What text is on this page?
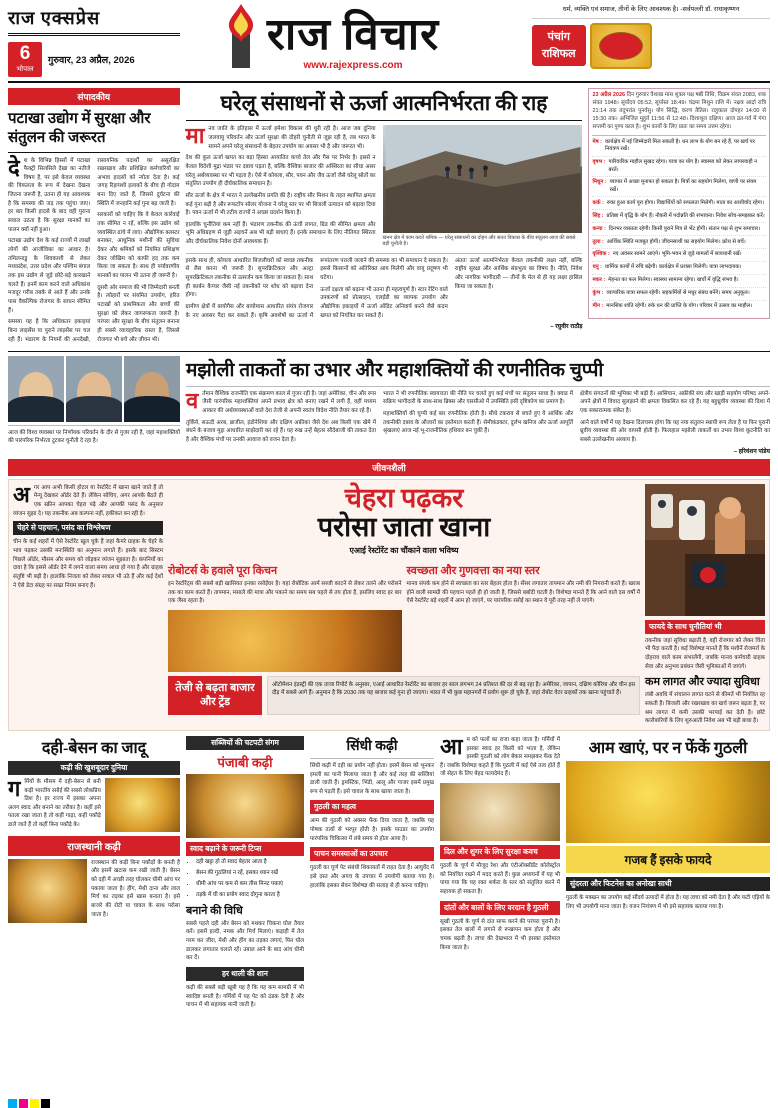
राज एक्सप्रेस
6
भोपाल
गुरुवार, 23 अप्रैल, 2026
राज विचार
www.rajexpress.com
धर्म, व्यक्ति एवं समाज, तीनों के लिए आवश्यक है। -सर्वपल्ली डॉ. राधाकृष्णन
पंचांग
राशिफल
संपादकीय
पटाखा उद्योग में सुरक्षा और संतुलन की जरूरत

देश के विभिन्न हिस्सों में पटाखा फैक्ट्री सिलसिले देखा का नतीजे विषय है, पर इसे केवल व्यवस्था की विफलता के रूप में देखना देखना जितना जरूरी है, उतना ही यह आवश्यक है कि समस्या की जड़ तक पहुंचा जाए। हर बार किसी हादसे के बाद वही पुराना सवाल उठता है कि सुरक्षा मानकों का पालन क्यों नहीं हुआ।

पटाखा उद्योग देश के कई राज्यों में लाखों लोगों की आजीविका का आधार है। तमिलनाडु के शिवकाशी से लेकर मध्यप्रदेश, उत्तर प्रदेश और पश्चिम बंगाल तक इस उद्योग से जुड़े छोटे-बड़े कारखाने चलते हैं। इनमें काम करने वाले अधिकांश मजदूर गरीब तबके से आते हैं और उनके पास वैकल्पिक रोजगार के साधन सीमित हैं।

समस्या यह है कि अधिकतर इकाइयां बिना लाइसेंस या पुराने लाइसेंस पर चल रही हैं। भंडारण के नियमों की अनदेखी, रासायनिक पदार्थों का असुरक्षित रखरखाव और प्रशिक्षित कर्मचारियों का अभाव हादसों को न्योता देता है। कई जगह रिहायशी इलाकों के बीच ही गोदाम बना दिए जाते हैं, जिससे दुर्घटना की स्थिति में जनहानि कई गुना बढ़ जाती है।

सरकारों को चाहिए कि वे केवल कार्रवाई तक सीमित न रहें, बल्कि इस उद्योग को व्यवस्थित ढांचे में लाएं। औद्योगिक क्लस्टर बनाकर, आधुनिक मशीनों की सुविधा देकर और श्रमिकों को नियमित प्रशिक्षण देकर जोखिम को काफी हद तक कम किया जा सकता है। साथ ही पर्यावरणीय मानकों का पालन भी उतना ही जरूरी है।

दूसरी ओर समाज की भी जिम्मेदारी बनती है। त्योहारों पर संयमित उपयोग, हरित पटाखों को प्राथमिकता और बच्चों की सुरक्षा को लेकर जागरूकता जरूरी है। परंपरा और सुरक्षा के बीच संतुलन बनाना ही सबसे व्यावहारिक रास्ता है, जिससे रोजगार भी बचे और जीवन भी।

घरेलू संसाधनों से ऊर्जा आत्मनिर्भरता की राह

मानव जाति के इतिहास में ऊर्जा हमेशा विकास की धुरी रही है। आज जब दुनिया जलवायु परिवर्तन और ऊर्जा सुरक्षा की दोहरी चुनौती से जूझ रही है, तब भारत के सामने अपने घरेलू संसाधनों के बेहतर उपयोग का अवसर भी है और जरूरत भी।

देश की कुल ऊर्जा खपत का बड़ा हिस्सा आयातित कच्चे तेल और गैस पर निर्भर है। इससे न केवल विदेशी मुद्रा भंडार पर दबाव पड़ता है, बल्कि वैश्विक बाजार की अस्थिरता का सीधा असर घरेलू अर्थव्यवस्था पर भी पड़ता है। ऐसे में कोयला, सौर, पवन और जैव ऊर्जा जैसे घरेलू स्रोतों का संतुलित उपयोग ही दीर्घकालिक समाधान है।

सौर ऊर्जा के क्षेत्र में भारत ने उल्लेखनीय प्रगति की है। राष्ट्रीय सौर मिशन के तहत स्थापित क्षमता कई गुना बढ़ी है और रूफटॉप सोलर योजना ने घरेलू स्तर पर भी बिजली उत्पादन को बढ़ावा दिया है। पवन ऊर्जा में भी तटीय राज्यों ने अच्छा प्रदर्शन किया है।

हालांकि चुनौतियां कम नहीं हैं। भंडारण तकनीक की ऊंची लागत, ग्रिड की सीमित क्षमता और भूमि अधिग्रहण से जुड़ी अड़चनें अब भी बड़ी बाधाएं हैं। इनके समाधान के लिए नीतिगत स्थिरता और दीर्घकालिक निवेश दोनों आवश्यक हैं।

खनन क्षेत्र में काम करते श्रमिक — घरेलू संसाधनों का दोहन और सतत विकास के बीच संतुलन आज की सबसे बड़ी चुनौती है।

इसके साथ ही, कोयला आधारित बिजलीघरों को स्वच्छ तकनीक से लैस करना भी जरूरी है। सुपरक्रिटिकल और अल्ट्रा सुपरक्रिटिकल तकनीक से उत्सर्जन कम किया जा सकता है। साथ ही कार्बन कैप्चर जैसी नई तकनीकों पर शोध को बढ़ावा देना होगा।

ग्रामीण क्षेत्रों में बायोगैस और बायोमास आधारित संयंत्र रोजगार के नए अवसर पैदा कर सकते हैं। कृषि अवशेषों का ऊर्जा में रूपांतरण पराली जलाने की समस्या का भी समाधान दे सकता है। इससे किसानों को अतिरिक्त आय मिलेगी और वायु प्रदूषण भी घटेगा।

ऊर्जा दक्षता को बढ़ाना भी उतना ही महत्वपूर्ण है। स्टार रेटिंग वाले उपकरणों को प्रोत्साहन, एलईडी का व्यापक उपयोग और औद्योगिक इकाइयों में ऊर्जा ऑडिट अनिवार्य करने जैसे कदम खपत को नियंत्रित कर सकते हैं।

अंततः ऊर्जा आत्मनिर्भरता केवल तकनीकी लक्ष्य नहीं, बल्कि राष्ट्रीय सुरक्षा और आर्थिक संप्रभुता का विषय है। नीति, निवेश और नागरिक भागीदारी — तीनों के मेल से ही यह लक्ष्य हासिल किया जा सकता है।

– रघुवीर राठौड़
23 अप्रैल 2026 दिन गुरुवार वैशाख मास शुक्ल पक्ष षष्ठी तिथि, विक्रम संवत 2083, शक संवत 1948। सूर्योदय 05:52, सूर्यास्त 18:49। चंद्रमा मिथुन राशि में। नक्षत्र आर्द्रा रात्रि 21:14 तक तदुपरांत पुनर्वसु। योग सिद्धि, करण तैतिल। राहुकाल दोपहर 14:00 से 15:30 तक। अभिजित मुहूर्त 11:56 से 12:48। दिशाशूल दक्षिण। आज व्रत-पर्व में गंगा सप्तमी का पुण्य काल है। शुभ कार्यों के लिए प्रातः का समय उत्तम रहेगा।
मेष : कार्यक्षेत्र में नई जिम्मेदारी मिल सकती है। धन लाभ के योग बन रहे हैं, पर खर्च पर नियंत्रण रखें।
वृषभ : पारिवारिक माहौल सुखद रहेगा। यात्रा का योग है। स्वास्थ्य को लेकर लापरवाही न बरतें।
मिथुन : व्यापार में अच्छा मुनाफा हो सकता है। मित्रों का सहयोग मिलेगा, वाणी पर संयम रखें।
कर्क : रुका हुआ कार्य पूरा होगा। विद्यार्थियों को सफलता मिलेगी। माता का आशीर्वाद रहेगा।
सिंह : प्रतिष्ठा में वृद्धि के योग हैं। नौकरी में पदोन्नति की संभावना। निवेश सोच-समझकर करें।
कन्या : दिनभर व्यस्तता रहेगी। किसी पुराने मित्र से भेंट होगी। संतान पक्ष से शुभ समाचार।
तुला : आर्थिक स्थिति मजबूत होगी। जीवनसाथी का सहयोग मिलेगा। क्रोध से बचें।
वृश्चिक : नए अवसर सामने आएंगे। भूमि-भवन से जुड़े मामलों में सावधानी रखें।
धनु : धार्मिक कार्यों में रुचि बढ़ेगी। कार्यक्षेत्र में प्रशंसा मिलेगी। यात्रा लाभदायक।
मकर : मेहनत का फल मिलेगा। स्वास्थ्य सामान्य रहेगा। खर्चों में वृद्धि संभव है।
कुंभ : व्यापारिक यात्रा सफल रहेगी। सहकर्मियों से मधुर संबंध बनेंगे। समय अनुकूल।
मीन : मानसिक शांति रहेगी। रुके धन की प्राप्ति के योग। परिवार में उत्सव का माहौल।
आज की विश्व व्यवस्था पर निर्णायक परिवर्तन के दौर से गुजर रही है, जहां महाशक्तियों की पारंपरिक निर्भरता टूटकर चुनौती दे रहा है।
मझोली ताकतों का उभार और महाशक्तियों की रणनीतिक चुप्पी

वर्तमान वैश्विक राजनीति एक संक्रमण काल से गुजर रही है। जहां अमेरिका, चीन और रूस जैसी पारंपरिक महाशक्तियां अपने प्रभाव क्षेत्र को बनाए रखने में लगी हैं, वहीं मध्यम आकार की अर्थव्यवस्थाओं वाले देश तेजी से अपनी स्वतंत्र विदेश नीति तैयार कर रहे हैं।

तुर्किये, सऊदी अरब, ब्राजील, इंडोनेशिया और दक्षिण अफ्रीका जैसे देश अब किसी एक खेमे में बंधने के बजाय मुद्दा आधारित साझेदारी कर रहे हैं। यह रुख उन्हें बेहतर सौदेबाजी की ताकत देता है और वैश्विक मंचों पर उनकी आवाज को वजन देता है।

भारत ने भी रणनीतिक स्वायत्तता की नीति पर चलते हुए कई मंचों पर संतुलन साधा है। क्वाड में सक्रिय भागीदारी के साथ-साथ ब्रिक्स और एससीओ में उपस्थिति इसी दृष्टिकोण का प्रमाण है।

महाशक्तियों की चुप्पी कई बार रणनीतिक होती है। सीधे टकराव से बचते हुए वे आर्थिक और तकनीकी दबाव के औजारों का इस्तेमाल करती हैं। सेमीकंडक्टर, दुर्लभ खनिज और ऊर्जा आपूर्ति श्रृंखलाएं आज नई भू-राजनीतिक हथियार बन चुकी हैं।

क्षेत्रीय संगठनों की भूमिका भी बढ़ी है। आसियान, अफ्रीकी संघ और खाड़ी सहयोग परिषद अपने-अपने क्षेत्रों में विवाद सुलझाने की क्षमता विकसित कर रहे हैं। यह बहुध्रुवीय व्यवस्था की दिशा में एक सकारात्मक संकेत है।

आने वाले वर्षों में यह देखना दिलचस्प होगा कि यह नया संतुलन स्थायी रूप लेता है या फिर पुरानी ध्रुवीय व्यवस्था की ओर वापसी होती है। फिलहाल मझोली ताकतों का उभार विश्व कूटनीति का सबसे उल्लेखनीय अध्याय है।

– हरिवंशन पांडेय
जीवनशैली

अगर आप अभी किसी होटल या रेस्टोरेंट में खाना खाने जाते हैं तो मेन्यू देखकर ऑर्डर देते हैं। लेकिन सोचिए, अगर आपके बैठते ही एक स्क्रीन आपका चेहरा पढ़े और आपकी पसंद के अनुसार व्यंजन सुझा दे। यह तकनीक अब कल्पना नहीं, हकीकत बन रही है।

चेहरे से पहचान, पसंद का विश्लेषण
चीन के कई शहरों में ऐसे रेस्टोरेंट खुल चुके हैं जहां कैमरे ग्राहक के चेहरे के भाव पढ़कर उसकी मनःस्थिति का अनुमान लगाते हैं। इसके बाद सिस्टम पिछले ऑर्डर, मौसम और समय को जोड़कर व्यंजन सुझाता है। कंपनियों का दावा है कि इससे ऑर्डर देने में लगने वाला समय आधा हो गया है और ग्राहक संतुष्टि भी बढ़ी है। हालांकि निजता को लेकर सवाल भी उठे हैं और कई देशों ने ऐसे डेटा संग्रह पर सख्त नियम बनाए हैं।
चेहरा पढ़कर
परोसा जाता खाना
एआई रेस्टोरेंट का चौंकाने वाला भविष्य
रोबोटर्स के हवाले पूरा किचन
इन रेस्टोरेंट्स की सबसे बड़ी खासियत इनका रसोईघर है। यहां रोबोटिक आर्म सब्जी काटने से लेकर तलने और परोसने तक का काम करते हैं। तापमान, मसाले की मात्रा और पकाने का समय सब पहले से तय होता है, इसलिए स्वाद हर बार एक जैसा रहता है।
स्वच्छता और गुणवत्ता का नया स्तर
मानव संपर्क कम होने से स्वच्छता का स्तर बेहतर होता है। सेंसर लगातार तापमान और नमी की निगरानी करते हैं। खराब होने वाली सामग्री की पहचान पहले ही हो जाती है, जिससे बर्बादी घटती है। विशेषज्ञ मानते हैं कि आने वाले दस वर्षों में ऐसे रेस्टोरेंट बड़े शहरों में आम हो जाएंगे, पर पारंपरिक रसोई का स्थान वे पूरी तरह नहीं ले पाएंगे।
तेजी से बढ़ता बाजार और ट्रेंड
ऑटोमेशन इंडस्ट्री की एक ताजा रिपोर्ट के अनुसार, एआई आधारित रेस्टोरेंट का बाजार हर साल लगभग 24 प्रतिशत की दर से बढ़ रहा है। अमेरिका, जापान, दक्षिण कोरिया और चीन इस दौड़ में सबसे आगे हैं। अनुमान है कि 2030 तक यह बाजार कई गुना हो जाएगा। भारत में भी कुछ महानगरों में प्रयोग शुरू हो चुके हैं, जहां रोबोट वेटर ग्राहकों तक खाना पहुंचाते हैं।
फायदे के साथ चुनौतियां भी
तकनीक जहां सुविधा बढ़ाती है, वहीं रोजगार को लेकर चिंता भी पैदा करती है। कई विशेषज्ञ मानते हैं कि मशीनें रोजमर्रा के दोहराव वाले काम संभालेंगी, जबकि मानव कर्मचारी ग्राहक सेवा और अनुभव प्रबंधन जैसी भूमिकाओं में जाएंगे।
कम लागत और ज्यादा सुविधा
लंबी अवधि में संचालन लागत घटने से कीमतें भी नियंत्रित रह सकती हैं। बिजली और रखरखाव का खर्च जरूर बढ़ता है, पर श्रम लागत में कमी उसकी भरपाई कर देती है। छोटे कारोबारियों के लिए शुरुआती निवेश अब भी बड़ी बाधा है।
दही-बेसन का जादू
कढ़ी की खुशबूदार दुनिया

गर्मियों के मौसम में दही-बेसन से बनी कढ़ी भारतीय रसोई की सबसे लोकप्रिय डिश है। हर राज्य में इसका अपना अलग स्वाद और बनाने का तरीका है। कहीं इसे पतला रखा जाता है तो कहीं गाढ़ा, कहीं पकौड़े डाले जाते हैं तो कहीं बिना पकौड़े के।

राजस्थानी कढ़ी
राजस्थान की कढ़ी बिना पकौड़ों के बनती है और इसमें खटास कम रखी जाती है। बेसन को दही में अच्छी तरह घोलकर धीमी आंच पर पकाया जाता है। हींग, मेथी दाना और लाल मिर्च का तड़का इसे खास बनाता है। इसे बाजरे की रोटी या चावल के साथ परोसा जाता है।
सब्जियों की चटपटी संगम
पंजाबी कढ़ी
स्वाद बढ़ाने के जरूरी टिप्स
• दही खट्टा हो तो स्वाद बेहतर आता है
• बेसन की गुठलियां न रहें, इसका ध्यान रखें
• धीमी आंच पर कम से कम तीस मिनट पकाएं
• तड़के में घी का प्रयोग स्वाद दोगुना करता है
बनाने की विधि
सबसे पहले दही और बेसन को मथकर चिकना घोल तैयार करें। इसमें हल्दी, नमक और मिर्च मिलाएं। कड़ाही में तेल गरम कर जीरा, मेथी और हींग का तड़का लगाएं, फिर घोल डालकर लगातार चलाते रहें। उबाल आने के बाद आंच धीमी कर दें।
हर थाली की शान
कढ़ी की सबसे बड़ी खूबी यह है कि यह कम सामग्री में भी स्वादिष्ट बनती है। गर्मियों में यह पेट को ठंडक देती है और पाचन में भी सहायक मानी जाती है।
सिंधी कढ़ी
सिंधी कढ़ी में दही का प्रयोग नहीं होता। इसमें बेसन को भूनकर इमली का पानी मिलाया जाता है और कई तरह की सब्जियां डाली जाती हैं। ड्रमस्टिक, भिंडी, आलू और गाजर इसमें प्रमुख रूप से पड़ती हैं। इसे चावल के साथ खाया जाता है।
गुठली का महत्व
आम की गुठली को अक्सर फेंक दिया जाता है, जबकि यह पोषक तत्वों से भरपूर होती है। इसके पाउडर का उपयोग पारंपरिक चिकित्सा में लंबे समय से होता आया है।
पाचन समस्याओं का उपचार
गुठली का चूर्ण पेट संबंधी शिकायतों में राहत देता है। आयुर्वेद में इसे दस्त और अपच के उपचार में उपयोगी बताया गया है। हालांकि इसका सेवन विशेषज्ञ की सलाह से ही करना चाहिए।

आम को फलों का राजा कहा जाता है। गर्मियों में इसका स्वाद हर किसी को भाता है, लेकिन इसकी गुठली को लोग बेकार समझकर फेंक देते हैं। जबकि विशेषज्ञ कहते हैं कि गुठली में कई ऐसे तत्व होते हैं जो सेहत के लिए बेहद फायदेमंद हैं।

दिल और शुगर के लिए सुरक्षा कवच
गुठली के चूर्ण में मौजूद रेशा और एंटीऑक्सीडेंट कोलेस्ट्रॉल को नियंत्रित रखने में मदद करते हैं। कुछ अध्ययनों में यह भी पाया गया कि यह रक्त शर्करा के स्तर को संतुलित करने में सहायक हो सकता है।
दांतों और बालों के लिए वरदान है गुठली
सूखी गुठली के चूर्ण से दांत साफ करने की परंपरा पुरानी है। इसका तेल बालों में लगाने से रूखापन कम होता है और चमक बढ़ती है। त्वचा की देखभाल में भी इसका इस्तेमाल किया जाता है।
आम खाएं, पर न फेंकें गुठली
गजब हैं इसके फायदे
सुंदरता और फिटनेस का अनोखा साथी
गुठली के मक्खन का उपयोग कई सौंदर्य उत्पादों में होता है। यह त्वचा को नमी देता है और फटी एड़ियों के लिए भी उपयोगी माना जाता है। वजन नियंत्रण में भी इसे सहायक बताया गया है।
